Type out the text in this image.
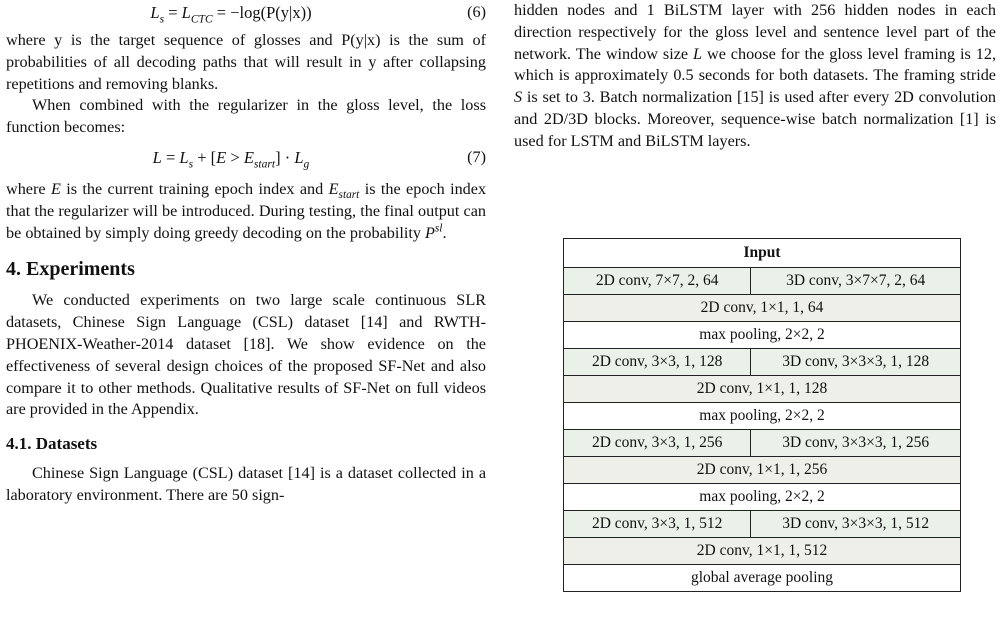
$L_s = L_{CTC} = -\log(P(y|x))$	(6)

where y is the target sequence of glosses and P(y|x) is the sum of probabilities of all decoding paths that will result in y after collapsing repetitions and removing blanks.

When combined with the regularizer in the gloss level, the loss function becomes:

$L = L_s + [E > E_{start}] \cdot L_g$	(7)

where E is the current training epoch index and $E_{start}$ is the epoch index that the regularizer will be introduced. During testing, the final output can be obtained by simply doing greedy decoding on the probability $P^{sl}$.

4. Experiments

We conducted experiments on two large scale continuous SLR datasets, Chinese Sign Language (CSL) dataset [14] and RWTH-PHOENIX-Weather-2014 dataset [18]. We show evidence on the effectiveness of several design choices of the proposed SF-Net and also compare it to other methods. Qualitative results of SF-Net on full videos are provided in the Appendix.

4.1. Datasets

Chinese Sign Language (CSL) dataset [14] is a dataset collected in a laboratory environment. There are 50 sign-

hidden nodes and 1 BiLSTM layer with 256 hidden nodes in each direction respectively for the gloss level and sentence level part of the network. The window size L we choose for the gloss level framing is 12, which is approximately 0.5 seconds for both datasets. The framing stride S is set to 3. Batch normalization [15] is used after every 2D convolution and 2D/3D blocks. Moreover, sequence-wise batch normalization [1] is used for LSTM and BiLSTM layers.

Input	
2D conv, 7×7, 2, 64	3D conv, 3×7×7, 2, 64
2D conv, 1×1, 1, 64	
max pooling, 2×2, 2	
2D conv, 3×3, 1, 128	3D conv, 3×3×3, 1, 128
2D conv, 1×1, 1, 128	
max pooling, 2×2, 2	
2D conv, 3×3, 1, 256	3D conv, 3×3×3, 1, 256
2D conv, 1×1, 1, 256	
max pooling, 2×2, 2	
2D conv, 3×3, 1, 512	3D conv, 3×3×3, 1, 512
2D conv, 1×1, 1, 512	
global average pooling	
